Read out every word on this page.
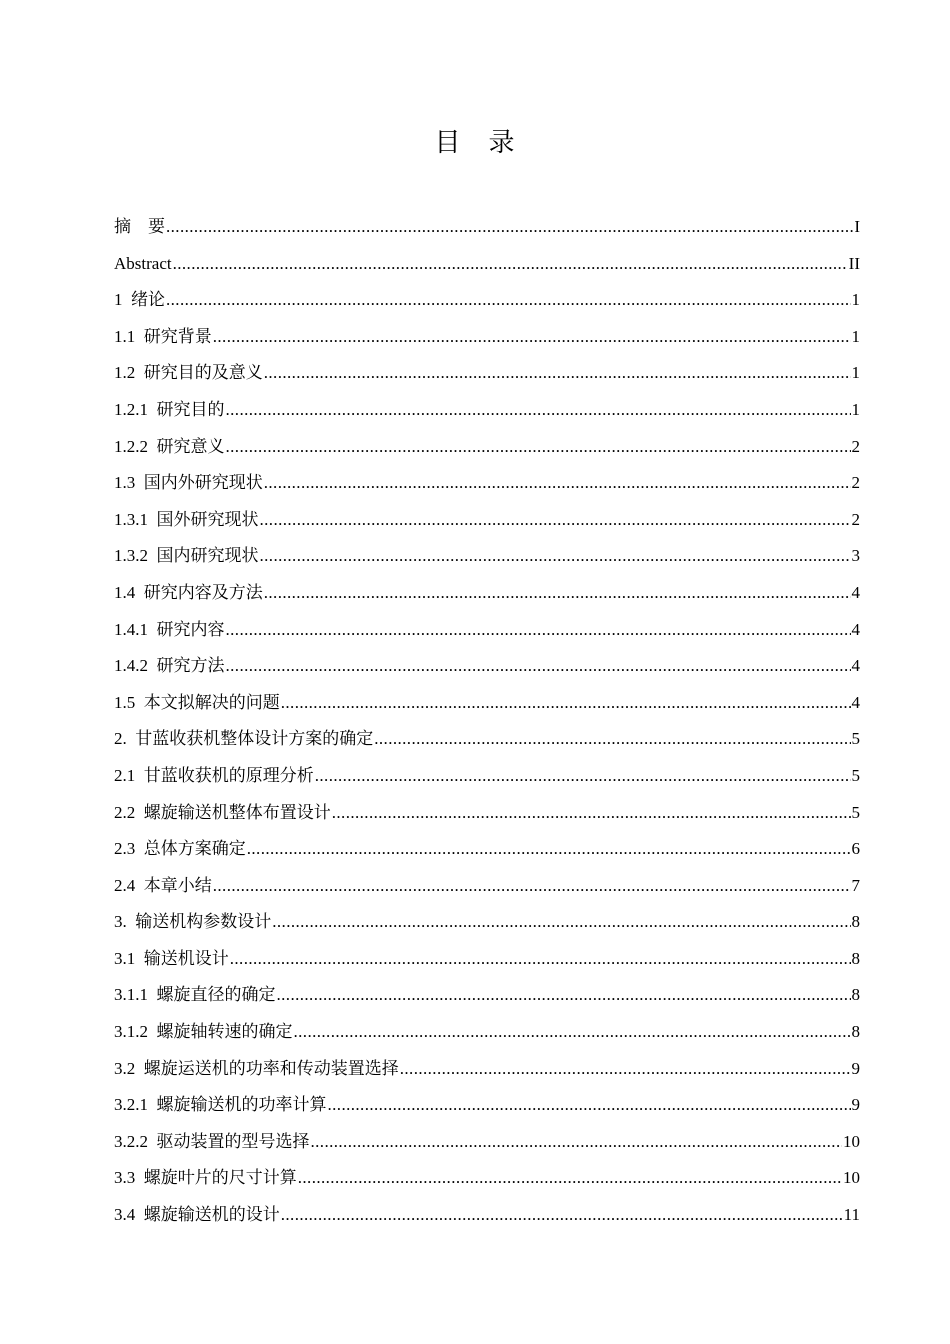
目　录
摘　要 .....	I
Abstract .....	II
1  绪论 .....	1
1.1  研究背景 .....	1
1.2  研究目的及意义 .....	1
1.2.1  研究目的 .....	1
1.2.2  研究意义 .....	2
1.3  国内外研究现状 .....	2
1.3.1  国外研究现状 .....	2
1.3.2  国内研究现状 .....	3
1.4  研究内容及方法 .....	4
1.4.1  研究内容 .....	4
1.4.2  研究方法 .....	4
1.5  本文拟解决的问题 .....	4
2.  甘蓝收获机整体设计方案的确定 .....	5
2.1  甘蓝收获机的原理分析 .....	5
2.2  螺旋输送机整体布置设计 .....	5
2.3  总体方案确定 .....	6
2.4  本章小结 .....	7
3.  输送机构参数设计 .....	8
3.1  输送机设计 .....	8
3.1.1  螺旋直径的确定 .....	8
3.1.2  螺旋轴转速的确定 .....	8
3.2  螺旋运送机的功率和传动装置选择 .....	9
3.2.1  螺旋输送机的功率计算 .....	9
3.2.2  驱动装置的型号选择 .....	10
3.3  螺旋叶片的尺寸计算 .....	10
3.4  螺旋输送机的设计 .....	11
